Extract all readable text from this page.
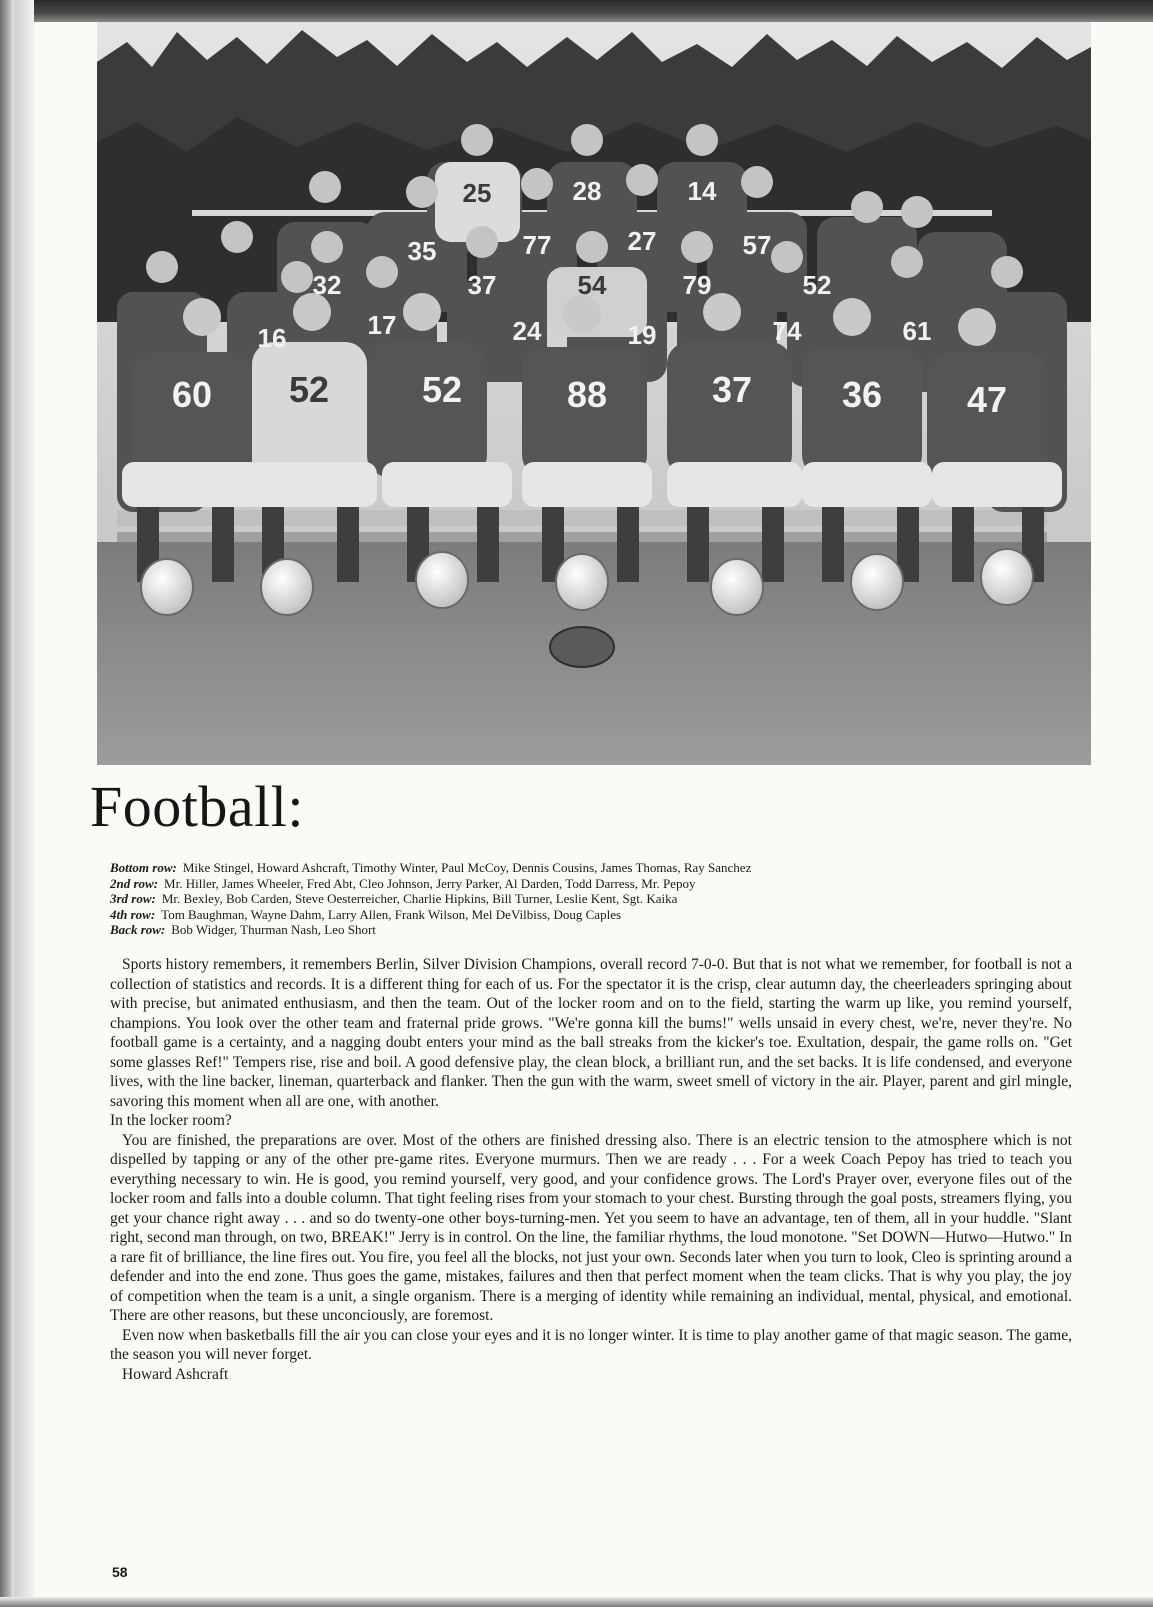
25	28	14
35	77	27	57
32	37	54	79	52
17	24	19	74	61
16
60 52	52	88	37 36 47
Football:
Bottom row: Mike Stingel, Howard Ashcraft, Timothy Winter, Paul McCoy, Dennis Cousins, James Thomas, Ray Sanchez
2nd row: Mr. Hiller, James Wheeler, Fred Abt, Cleo Johnson, Jerry Parker, Al Darden, Todd Darress, Mr. Pepoy
3rd row: Mr. Bexley, Bob Carden, Steve Oesterreicher, Charlie Hipkins, Bill Turner, Leslie Kent, Sgt. Kaika
4th row: Tom Baughman, Wayne Dahm, Larry Allen, Frank Wilson, Mel DeVilbiss, Doug Caples
Back row: Bob Widger, Thurman Nash, Leo Short

Sports history remembers, it remembers Berlin, Silver Division Champions, overall record 7-0-0. But that is not what we remember, for football is not a collection of statistics and records. It is a different thing for each of us. For the spectator it is the crisp, clear autumn day, the cheerleaders springing about with precise, but animated enthusiasm, and then the team. Out of the locker room and on to the field, starting the warm up like, you remind yourself, champions. You look over the other team and fraternal pride grows. "We're gonna kill the bums!" wells unsaid in every chest, we're, never they're. No football game is a certainty, and a nagging doubt enters your mind as the ball streaks from the kicker's toe. Exultation, despair, the game rolls on. "Get some glasses Ref!" Tempers rise, rise and boil. A good defensive play, the clean block, a brilliant run, and the set backs. It is life condensed, and everyone lives, with the line backer, lineman, quarterback and flanker. Then the gun with the warm, sweet smell of victory in the air. Player, parent and girl mingle, savoring this moment when all are one, with another.

In the locker room?

You are finished, the preparations are over. Most of the others are finished dressing also. There is an electric tension to the atmosphere which is not dispelled by tapping or any of the other pre-game rites. Everyone murmurs. Then we are ready . . . For a week Coach Pepoy has tried to teach you everything necessary to win. He is good, you remind yourself, very good, and your confidence grows. The Lord's Prayer over, everyone files out of the locker room and falls into a double column. That tight feeling rises from your stomach to your chest. Bursting through the goal posts, streamers flying, you get your chance right away . . . and so do twenty-one other boys-turning-men. Yet you seem to have an advantage, ten of them, all in your huddle. "Slant right, second man through, on two, BREAK!" Jerry is in control. On the line, the familiar rhythms, the loud monotone. "Set DOWN—Hutwo—Hutwo." In a rare fit of brilliance, the line fires out. You fire, you feel all the blocks, not just your own. Seconds later when you turn to look, Cleo is sprinting around a defender and into the end zone. Thus goes the game, mistakes, failures and then that perfect moment when the team clicks. That is why you play, the joy of competition when the team is a unit, a single organism. There is a merging of identity while remaining an individual, mental, physical, and emotional. There are other reasons, but these unconciously, are foremost.

Even now when basketballs fill the air you can close your eyes and it is no longer winter. It is time to play another game of that magic season. The game, the season you will never forget.

Howard Ashcraft
58
